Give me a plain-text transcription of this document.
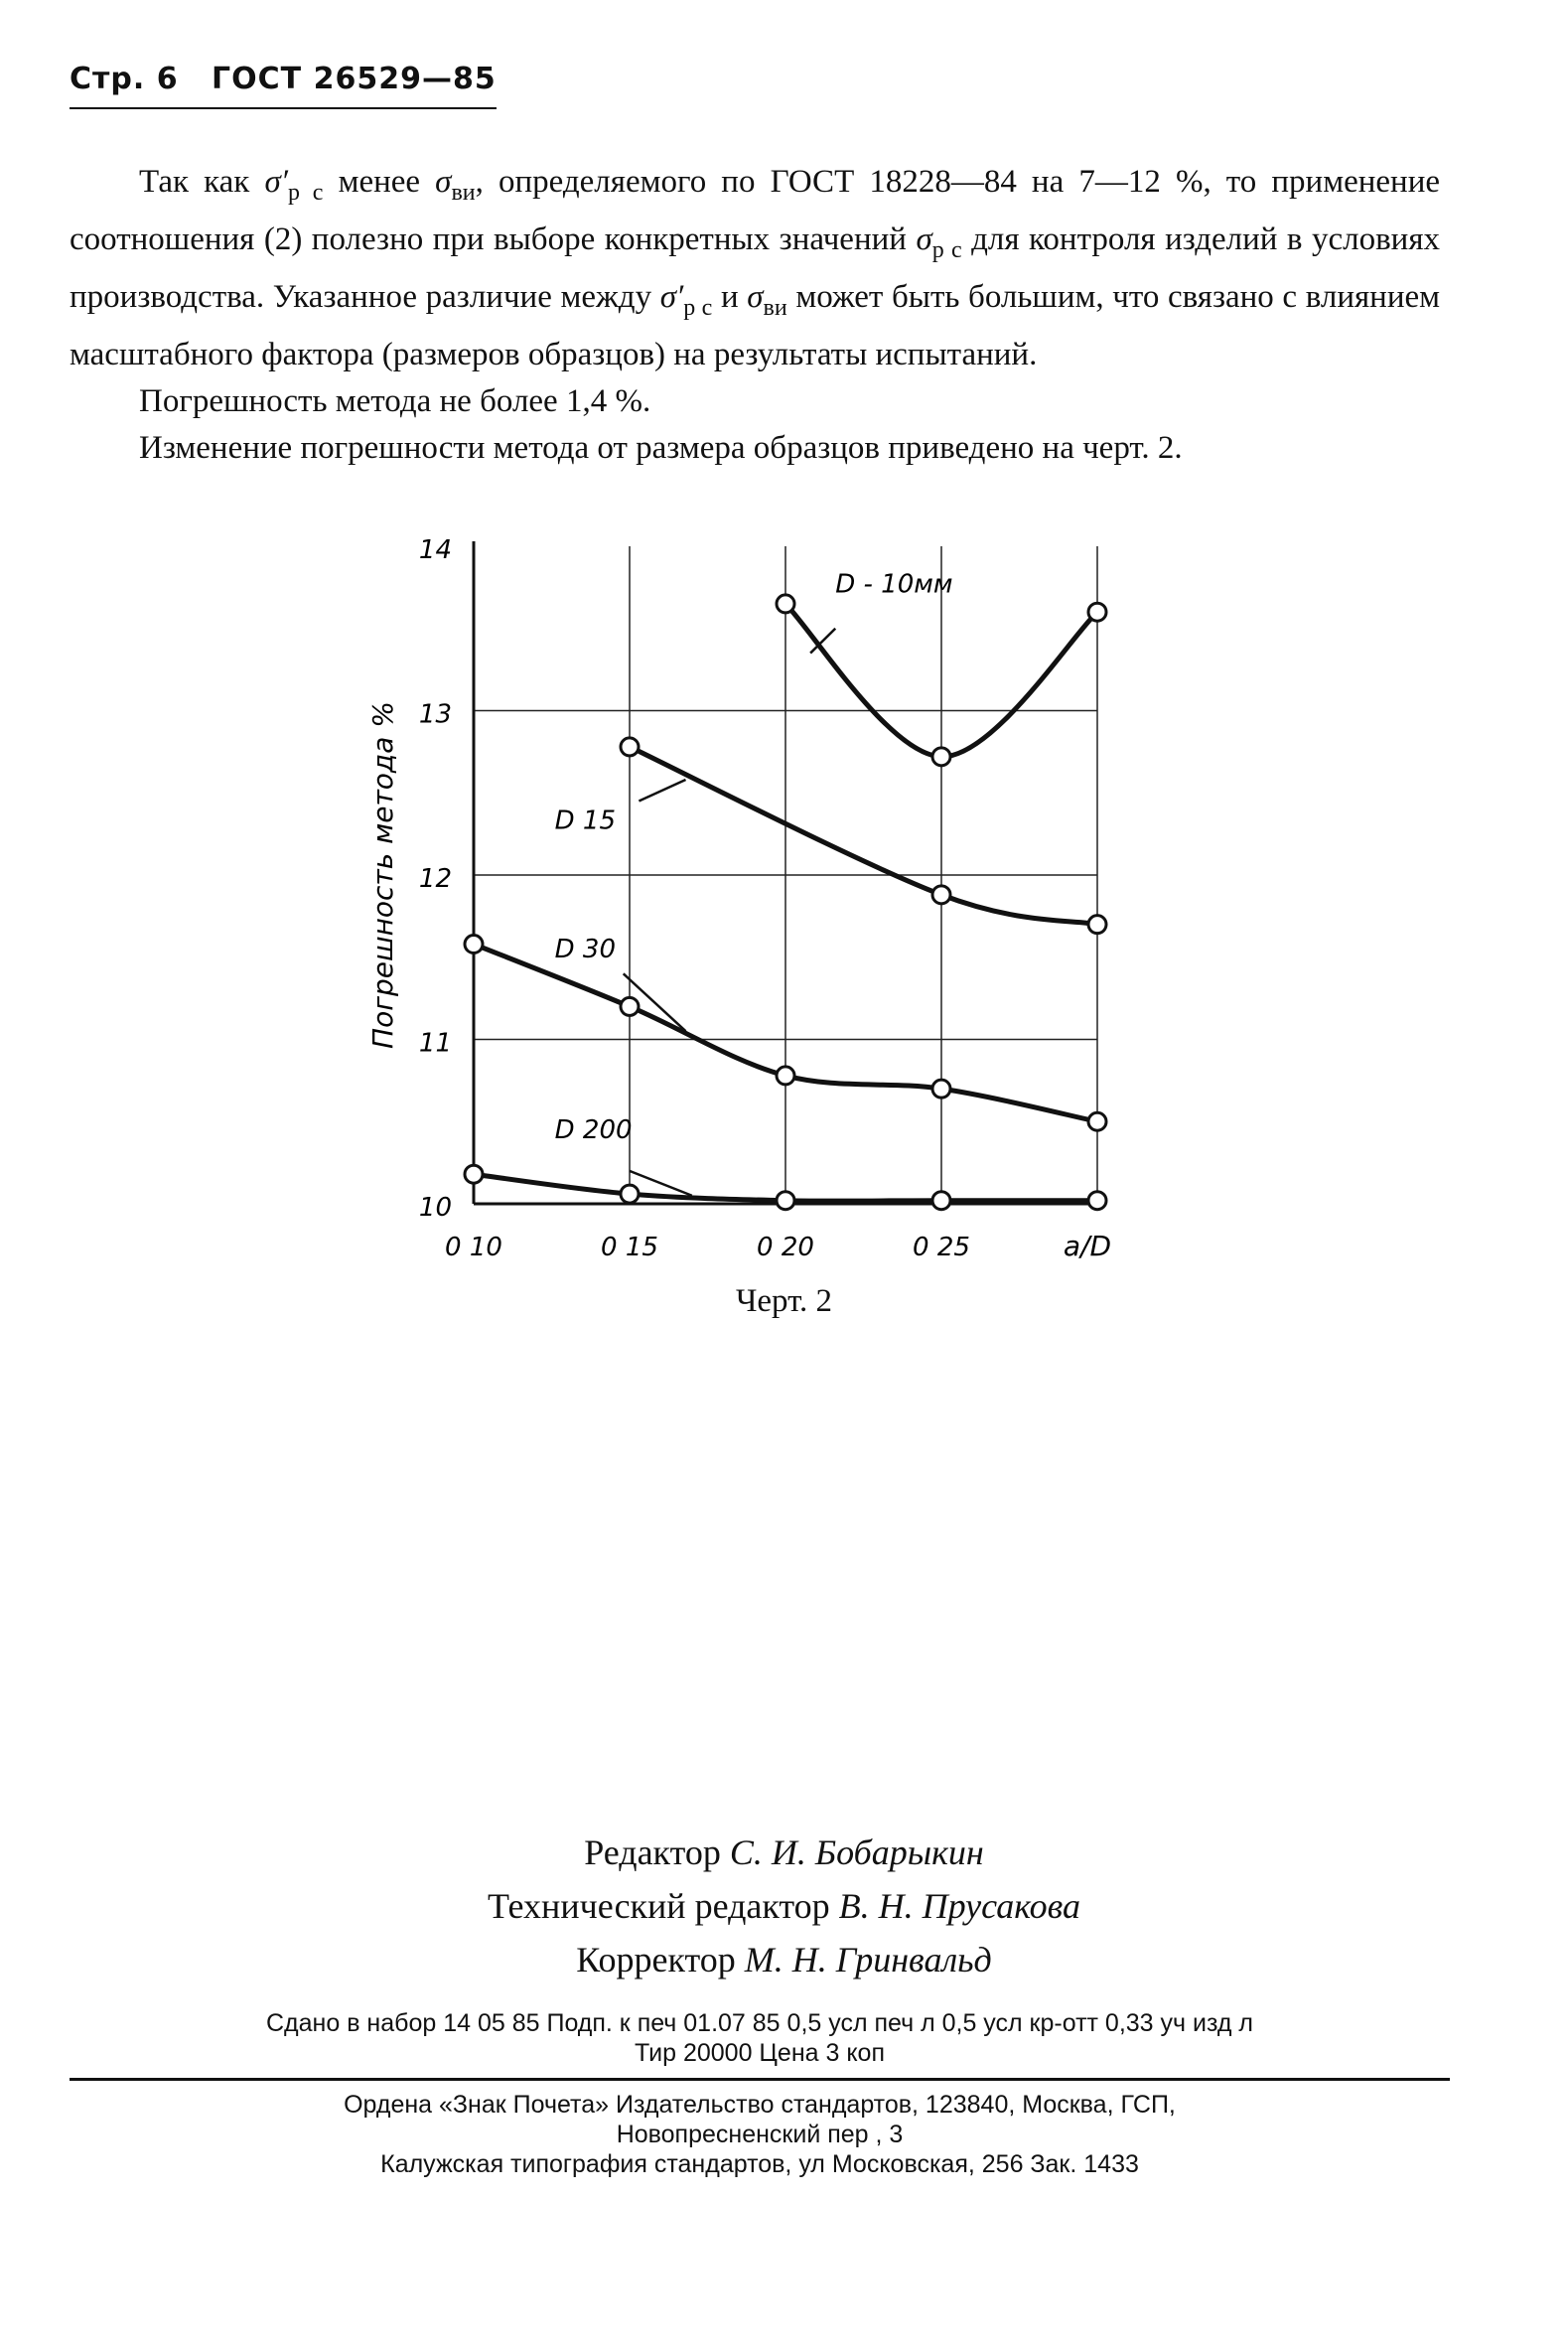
Стр. 6 ГОСТ 26529—85

Так как $\sigma'_{р с}$ менее $\sigma_{ви}$, определяемого по ГОСТ 18228—84 на 7—12 %, то применение соотношения (2) полезно при выборе конкретных значений $\sigma_{р с}$ для контроля изделий в условиях производства. Указанное различие между $\sigma'_{р с}$ и $\sigma_{ви}$ может быть большим, что связано с влиянием масштабного фактора (размеров образцов) на результаты испытаний.

Погрешность метода не более 1,4 %.

Изменение погрешности метода от размера образцов приведено на черт. 2.

10
11
12
13
14
0 10	0 15	0 20	0 25	a/D
Погрешность метода %
D - 10мм
D 15
D 30
D 200
Черт. 2
Редактор С. И. Бобарыкин
Технический редактор В. Н. Прусакова
Корректор М. Н. Гринвальд
Сдано в набор 14 05 85 Подп. к печ 01.07 85 0,5 усл печ л 0,5 усл кр-отт 0,33 уч изд л
Тир 20000 Цена 3 коп
Ордена «Знак Почета» Издательство стандартов, 123840, Москва, ГСП,
Новопресненский пер , 3
Калужская типография стандартов, ул Московская, 256 Зак. 1433
